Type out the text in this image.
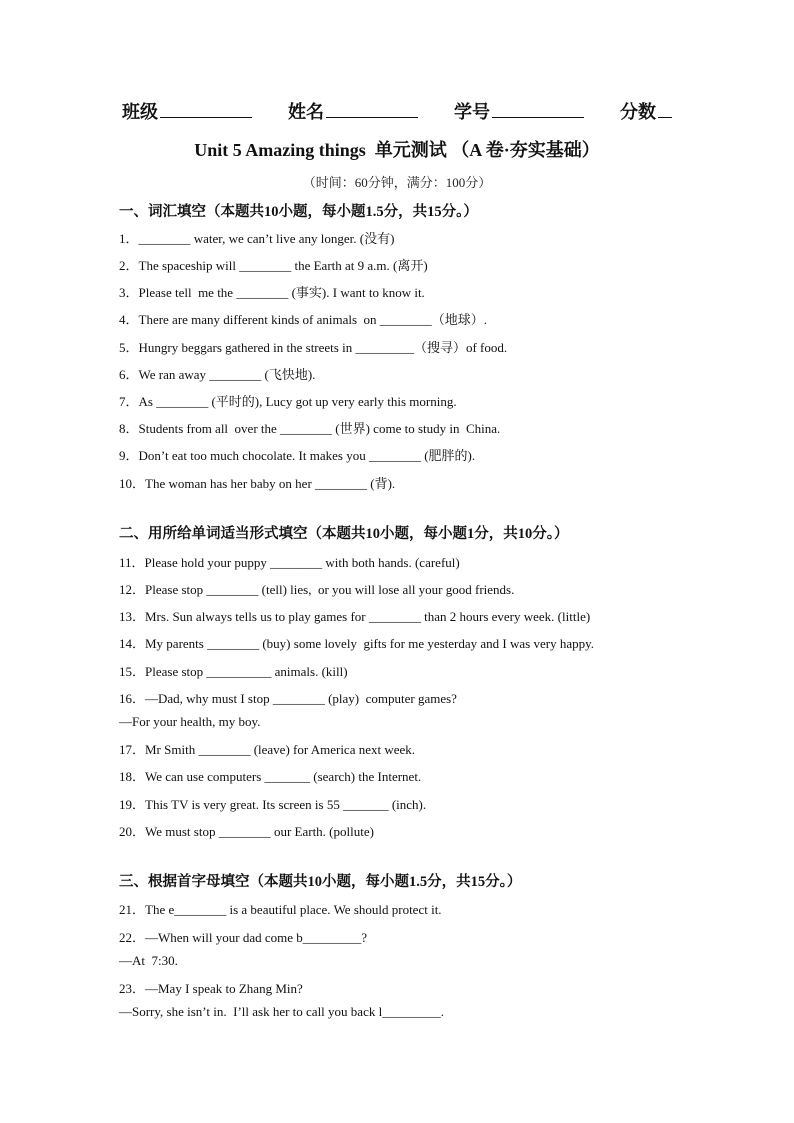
班级	姓名	学号	分数
Unit 5 Amazing things  单元测试 （A 卷·夯实基础）
（时间：60分钟，满分：100分）
一、词汇填空（本题共10小题，每小题1.5分，共15分。）
1．________ water, we can’t live any longer. (没有)
2．The spaceship will ________ the Earth at 9 a.m. (离开)
3．Please tell  me the ________ (事实). I want to know it.
4．There are many different kinds of animals  on ________（地球）.
5．Hungry beggars gathered in the streets in _________（搜寻）of food.
6．We ran away ________ (飞快地).
7．As ________ (平时的), Lucy got up very early this morning.
8．Students from all  over the ________ (世界) come to study in  China.
9．Don’t eat too much chocolate. It makes you ________ (肥胖的).
10．The woman has her baby on her ________ (背).
二、用所给单词适当形式填空（本题共10小题，每小题1分，共10分。）
11．Please hold your puppy ________ with both hands. (careful)
12．Please stop ________ (tell) lies,  or you will lose all your good friends.
13．Mrs. Sun always tells us to play games for ________ than 2 hours every week. (little)
14．My parents ________ (buy) some lovely  gifts for me yesterday and I was very happy.
15．Please stop __________ animals. (kill)
16．—Dad, why must I stop ________ (play)  computer games?
—For your health, my boy.
17．Mr Smith ________ (leave) for America next week.
18．We can use computers _______ (search) the Internet.
19．This TV is very great. Its screen is 55 _______ (inch).
20．We must stop ________ our Earth. (pollute)
三、根据首字母填空（本题共10小题，每小题1.5分，共15分。）
21．The e________ is a beautiful place. We should protect it.
22．—When will your dad come b_________?
—At  7:30.
23．—May I speak to Zhang Min?
—Sorry, she isn’t in.  I’ll ask her to call you back l_________.
